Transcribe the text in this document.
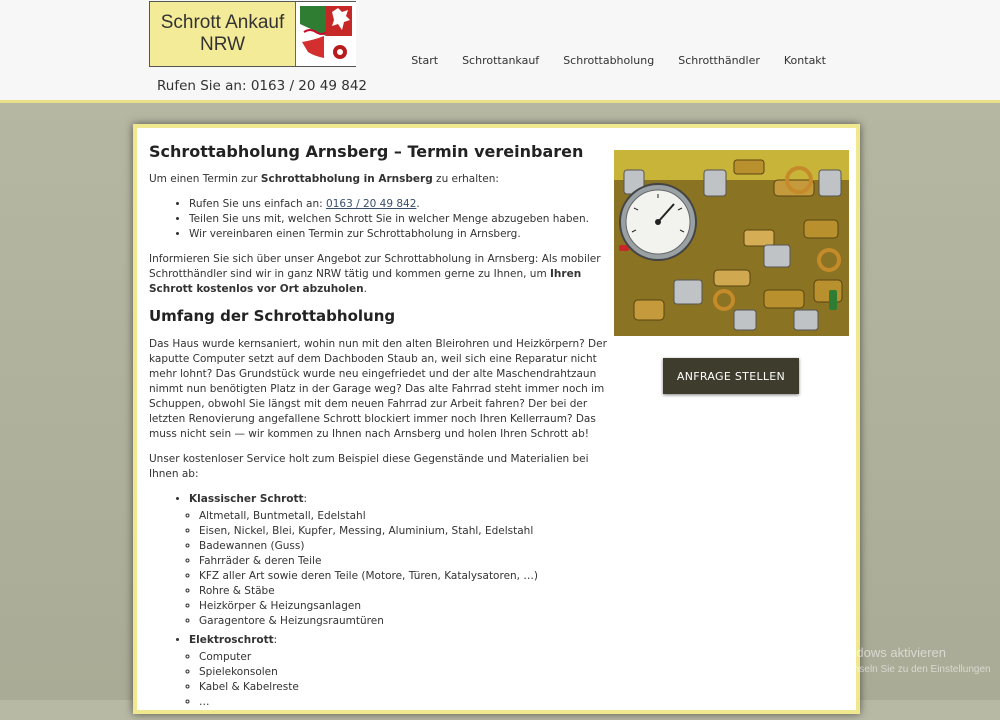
Schrott Ankauf
NRW
Rufen Sie an: 0163 / 20 49 842
Start	Schrottankauf	Schrottabholung	Schrotthändler	Kontakt
Schrottabholung Arnsberg – Termin vereinbaren

Um einen Termin zur Schrottabholung in Arnsberg zu erhalten:

• Rufen Sie uns einfach an: 0163 / 20 49 842.
• Teilen Sie uns mit, welchen Schrott Sie in welcher Menge abzugeben haben.
• Wir vereinbaren einen Termin zur Schrottabholung in Arnsberg.

Informieren Sie sich über unser Angebot zur Schrottabholung in Arnsberg: Als mobiler Schrotthändler sind wir in ganz NRW tätig und kommen gerne zu Ihnen, um Ihren Schrott kostenlos vor Ort abzuholen.

Umfang der Schrottabholung

Das Haus wurde kernsaniert, wohin nun mit den alten Bleirohren und Heizkörpern? Der kaputte Computer setzt auf dem Dachboden Staub an, weil sich eine Reparatur nicht mehr lohnt? Das Grundstück wurde neu eingefriedet und der alte Maschendrahtzaun nimmt nun benötigten Platz in der Garage weg? Das alte Fahrrad steht immer noch im Schuppen, obwohl Sie längst mit dem neuen Fahrrad zur Arbeit fahren? Der bei der letzten Renovierung angefallene Schrott blockiert immer noch Ihren Kellerraum? Das muss nicht sein — wir kommen zu Ihnen nach Arnsberg und holen Ihren Schrott ab!

Unser kostenloser Service holt zum Beispiel diese Gegenstände und Materialien bei Ihnen ab:

• Klassischer Schrott:
◦ Altmetall, Buntmetall, Edelstahl
◦ Eisen, Nickel, Blei, Kupfer, Messing, Aluminium, Stahl, Edelstahl
◦ Badewannen (Guss)
◦ Fahrräder & deren Teile
◦ KFZ aller Art sowie deren Teile (Motore, Türen, Katalysatoren, …)
◦ Rohre & Stäbe
◦ Heizkörper & Heizungsanlagen
◦ Garagentore & Heizungsraumtüren
• Elektroschrott:
◦ Computer
◦ Spielekonsolen
◦ Kabel & Kabelreste
◦ …
ANFRAGE STELLEN
Windows aktivieren
Wechseln Sie zu den Einstellungen
